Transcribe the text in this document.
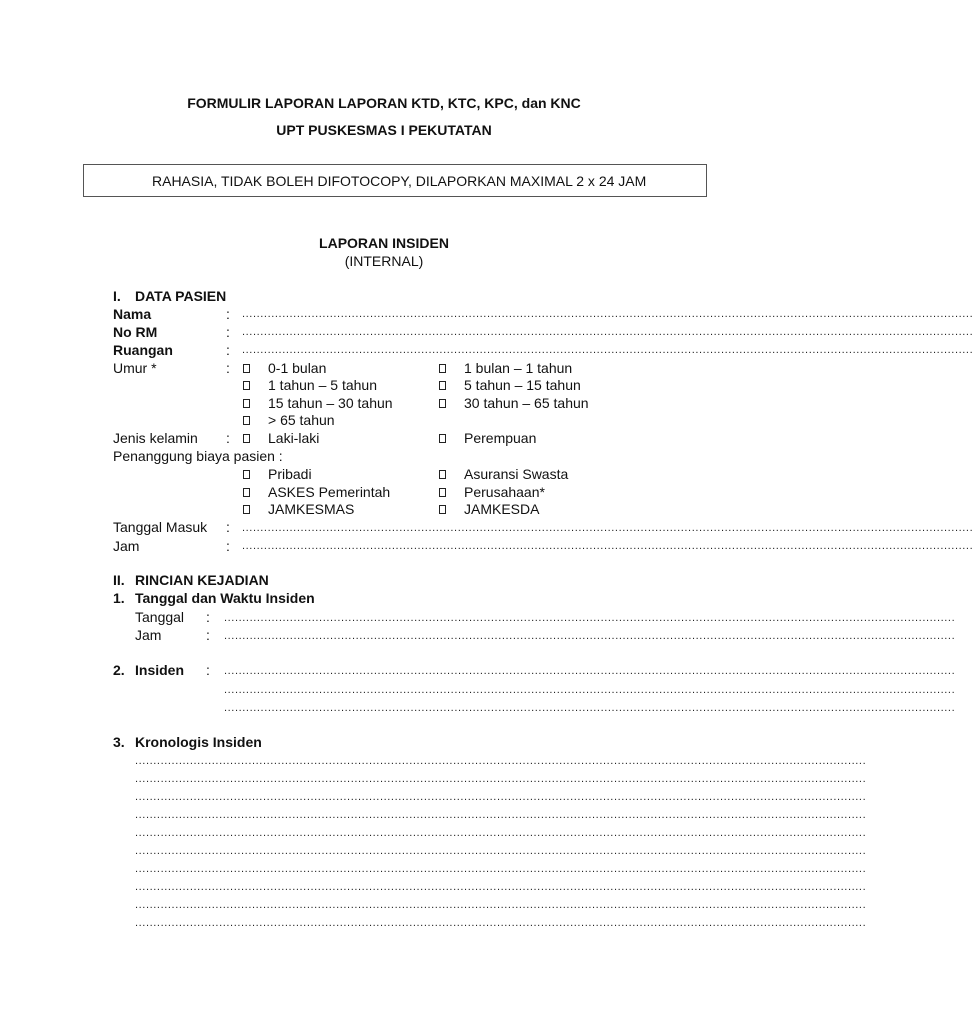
FORMULIR LAPORAN LAPORAN KTD, KTC, KPC, dan KNC
UPT PUSKESMAS I PEKUTATAN
RAHASIA, TIDAK BOLEH DIFOTOCOPY, DILAPORKAN MAXIMAL 2 x 24 JAM
LAPORAN INSIDEN
(INTERNAL)
I. DATA PASIEN
Nama	: ........................................................................................................................................................................................................
No RM	: ........................................................................................................................................................................................................
Ruangan	: ........................................................................................................................................................................................................
Umur *	:	0-1 bulan	1 bulan – 1 tahun
1 tahun – 5 tahun	5 tahun – 15 tahun
15 tahun – 30 tahun	30 tahun – 65 tahun
> 65 tahun
Jenis kelamin :	Laki-laki	Perempuan
Penanggung biaya pasien :
Pribadi	Asuransi Swasta
ASKES Pemerintah	Perusahaan*
JAMKESMAS	JAMKESDA
Tanggal Masuk : ........................................................................................................................................................................................................
Jam	: ........................................................................................................................................................................................................
II. RINCIAN KEJADIAN
1. Tanggal dan Waktu Insiden
Tanggal : ........................................................................................................................................................................................................
Jam	: ........................................................................................................................................................................................................
2. Insiden : ........................................................................................................................................................................................................
........................................................................................................................................................................................................
........................................................................................................................................................................................................
3. Kronologis Insiden
........................................................................................................................................................................................................
........................................................................................................................................................................................................
........................................................................................................................................................................................................
........................................................................................................................................................................................................
........................................................................................................................................................................................................
........................................................................................................................................................................................................
........................................................................................................................................................................................................
........................................................................................................................................................................................................
........................................................................................................................................................................................................
........................................................................................................................................................................................................
